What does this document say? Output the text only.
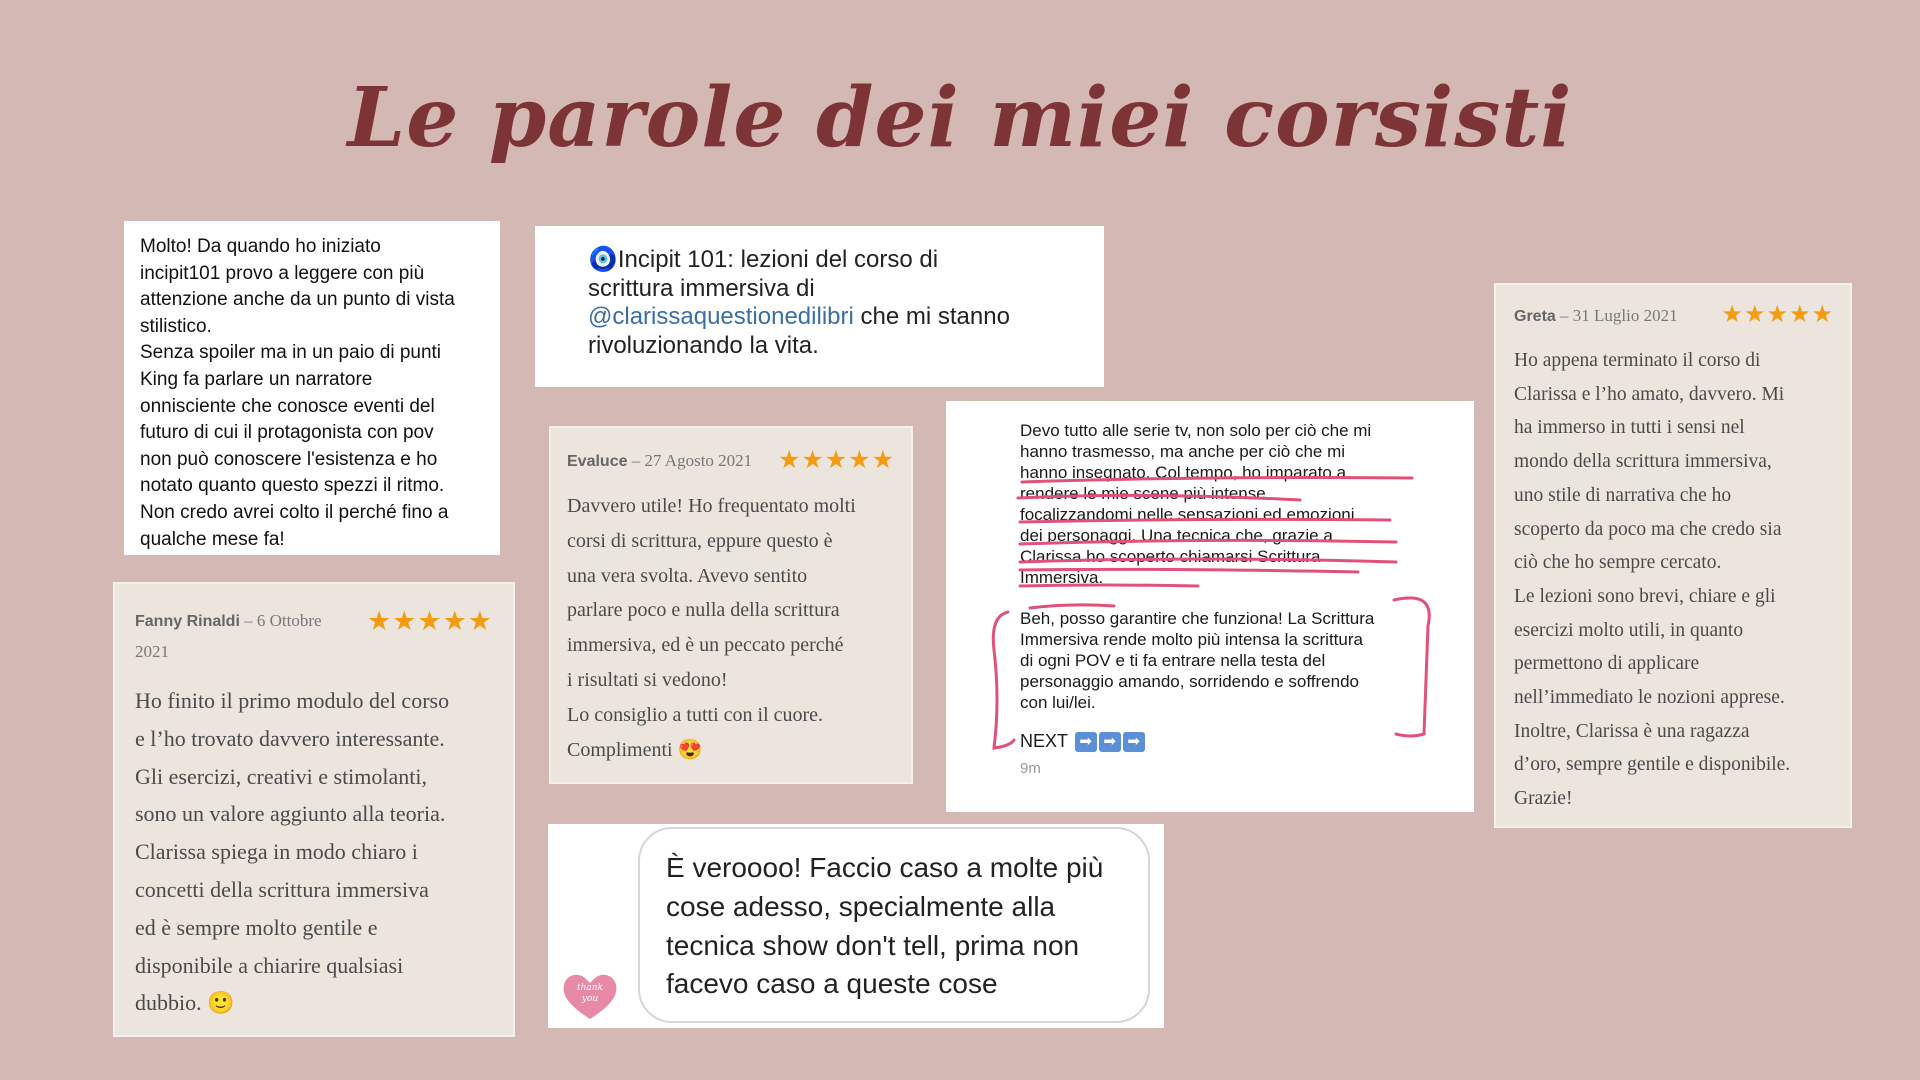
Le parole dei miei corsisti
Molto! Da quando ho iniziato
incipit101 provo a leggere con più
attenzione anche da un punto di vista
stilistico.
Senza spoiler ma in un paio di punti
King fa parlare un narratore
onnisciente che conosce eventi del
futuro di cui il protagonista con pov
non può conoscere l'esistenza e ho
notato quanto questo spezzi il ritmo.
Non credo avrei colto il perché fino a
qualche mese fa!
🧿Incipit 101: lezioni del corso di
scrittura immersiva di
@clarissaquestionedilibri che mi stanno
rivoluzionando la vita.
Fanny Rinaldi – 6 Ottobre
2021
★★★★★
Ho finito il primo modulo del corso
e l’ho trovato davvero interessante.
Gli esercizi, creativi e stimolanti,
sono un valore aggiunto alla teoria.
Clarissa spiega in modo chiaro i
concetti della scrittura immersiva
ed è sempre molto gentile e
disponibile a chiarire qualsiasi
dubbio. 🙂
Evaluce – 27 Agosto 2021 ★★★★★
Davvero utile! Ho frequentato molti
corsi di scrittura, eppure questo è
una vera svolta. Avevo sentito
parlare poco e nulla della scrittura
immersiva, ed è un peccato perché
i risultati si vedono!
Lo consiglio a tutti con il cuore.
Complimenti 😍
Devo tutto alle serie tv, non solo per ciò che mi
hanno trasmesso, ma anche per ciò che mi
hanno insegnato. Col tempo, ho imparato a
rendere le mie scene più intense
focalizzandomi nelle sensazioni ed emozioni
dei personaggi. Una tecnica che, grazie a
Clarissa ho scoperto chiamarsi Scrittura
Immersiva.
Beh, posso garantire che funziona! La Scrittura
Immersiva rende molto più intensa la scrittura
di ogni POV e ti fa entrare nella testa del
personaggio amando, sorridendo e soffrendo
con lui/lei.
NEXT ➡ ➡ ➡
9m
Greta – 31 Luglio 2021 ★★★★★
Ho appena terminato il corso di
Clarissa e l’ho amato, davvero. Mi
ha immerso in tutti i sensi nel
mondo della scrittura immersiva,
uno stile di narrativa che ho
scoperto da poco ma che credo sia
ciò che ho sempre cercato.
Le lezioni sono brevi, chiare e gli
esercizi molto utili, in quanto
permettono di applicare
nell’immediato le nozioni apprese.
Inoltre, Clarissa è una ragazza
d’oro, sempre gentile e disponibile.
Grazie!
thank you
È veroooo! Faccio caso a molte più
cose adesso, specialmente alla
tecnica show don't tell, prima non
facevo caso a queste cose
